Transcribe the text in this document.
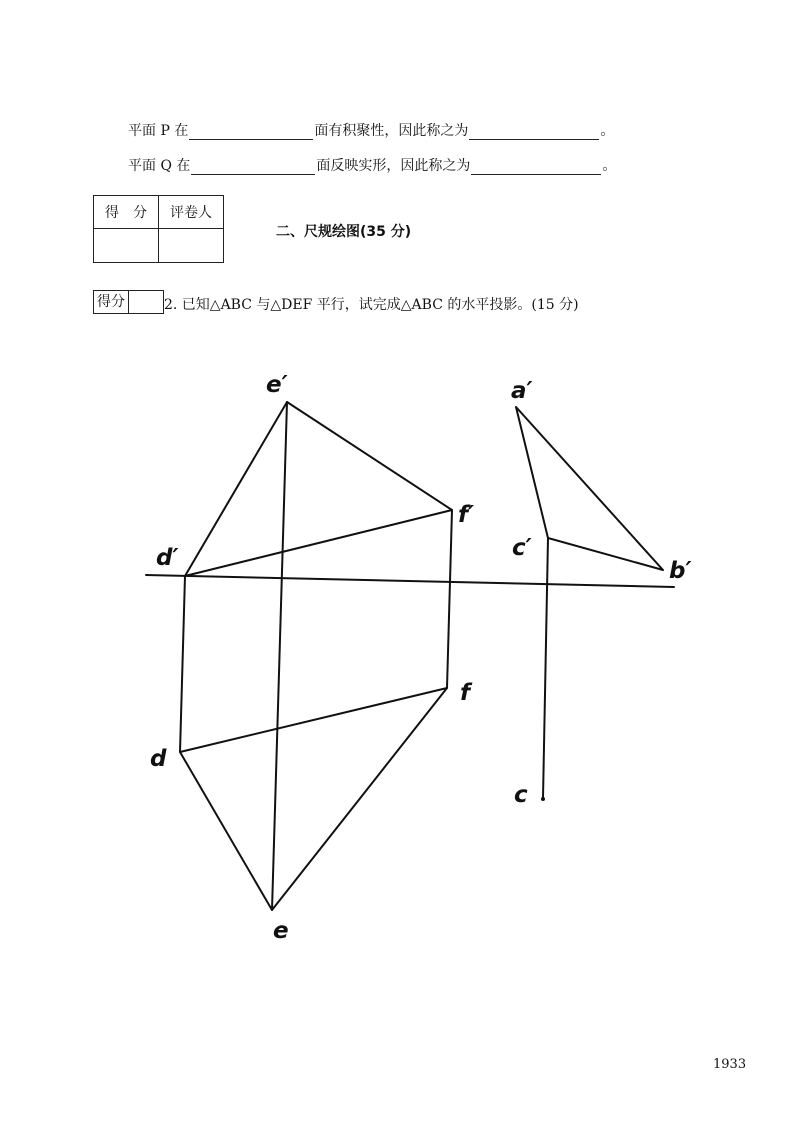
平面 P 在	面有积聚性，因此称之为	。
平面 Q 在	面反映实形，因此称之为	。
得　分	评卷人

二、尺规绘图(35 分)
得分	2. 已知△ABC 与△DEF 平行，试完成△ABC 的水平投影。(15 分)
e′
f′
d′
a′
c′
b′
d
e
f
c
1933
